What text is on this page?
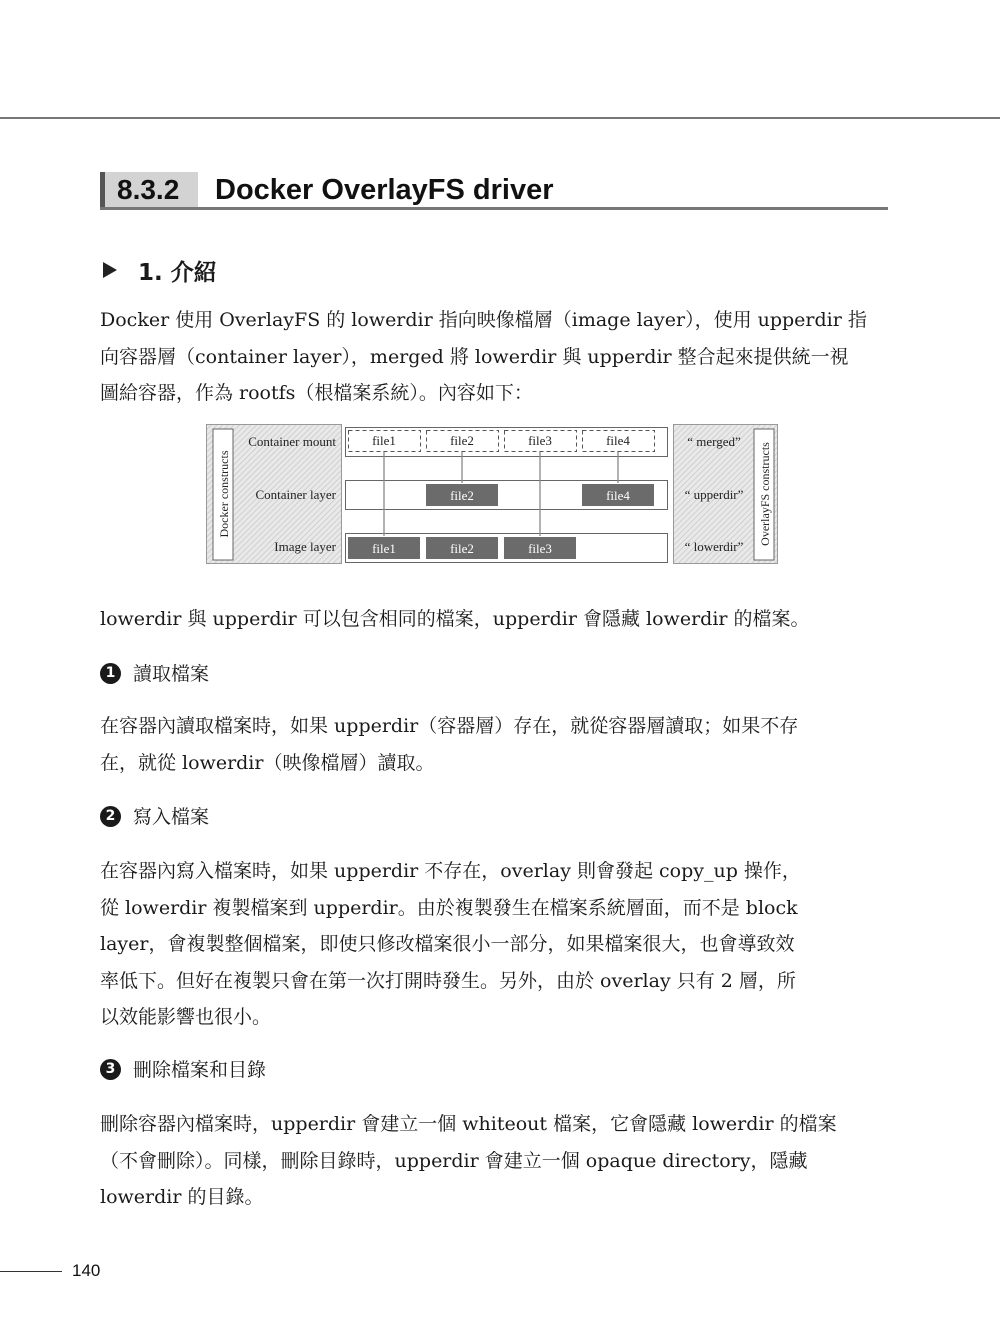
8.3.2 Docker OverlayFS driver
1. 介紹

Docker 使用 OverlayFS 的 lowerdir 指向映像檔層（image layer），使用 upperdir 指
向容器層（container layer），merged 將 lowerdir 與 upperdir 整合起來提供統一視
圖給容器，作為 rootfs（根檔案系統）。內容如下：

Docker constructs
Container mount
Container layer
Image layer
file1	file2	file3	file4
file2	file4
file1	file2	file3
OverlayFS constructs
“ merged”
“ upperdir”
“ lowerdir”

lowerdir 與 upperdir 可以包含相同的檔案，upperdir 會隱藏 lowerdir 的檔案。

1 讀取檔案

在容器內讀取檔案時，如果 upperdir（容器層）存在，就從容器層讀取；如果不存
在，就從 lowerdir（映像檔層）讀取。

2 寫入檔案

在容器內寫入檔案時，如果 upperdir 不存在，overlay 則會發起 copy_up 操作，
從 lowerdir 複製檔案到 upperdir。由於複製發生在檔案系統層面，而不是 block
layer，會複製整個檔案，即使只修改檔案很小一部分，如果檔案很大，也會導致效
率低下。但好在複製只會在第一次打開時發生。另外，由於 overlay 只有 2 層，所
以效能影響也很小。

3 刪除檔案和目錄

刪除容器內檔案時，upperdir 會建立一個 whiteout 檔案，它會隱藏 lowerdir 的檔案
（不會刪除）。同樣，刪除目錄時，upperdir 會建立一個 opaque directory，隱藏
lowerdir 的目錄。

140
